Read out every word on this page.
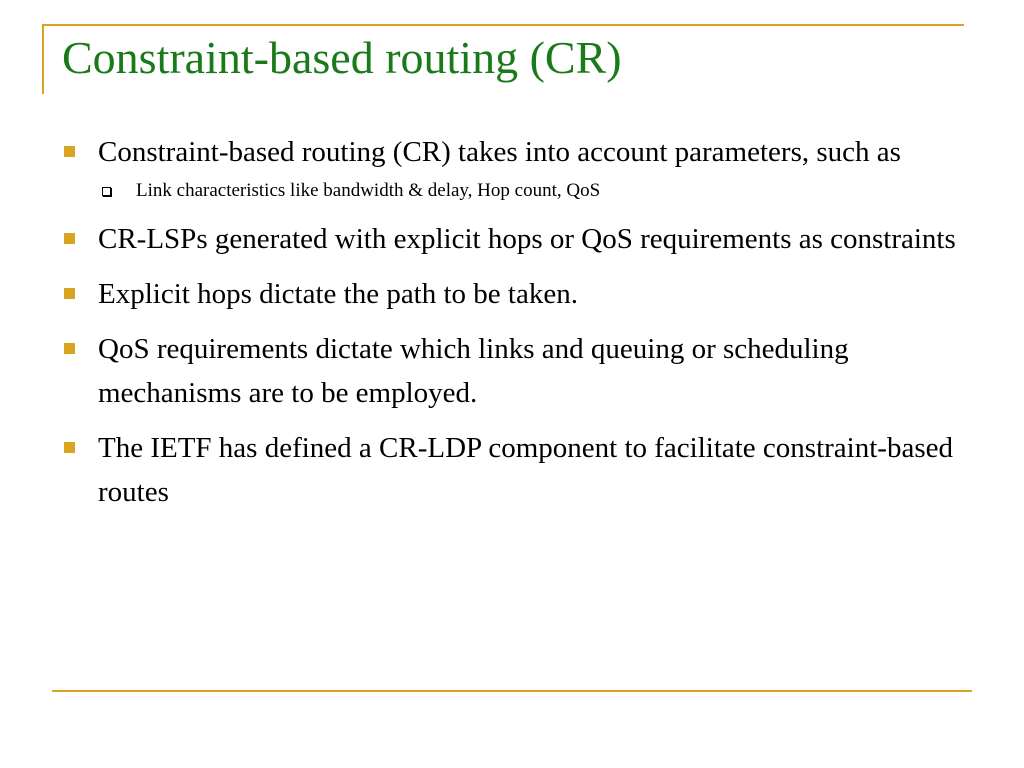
Constraint-based routing (CR)
Constraint-based routing (CR) takes into account parameters, such as
Link characteristics like bandwidth & delay, Hop count, QoS
CR-LSPs generated with explicit hops or QoS requirements as constraints
Explicit hops dictate the path to be taken.
QoS requirements dictate which links and queuing or scheduling mechanisms are to be employed.
The IETF has defined a CR-LDP component to facilitate constraint-based routes
